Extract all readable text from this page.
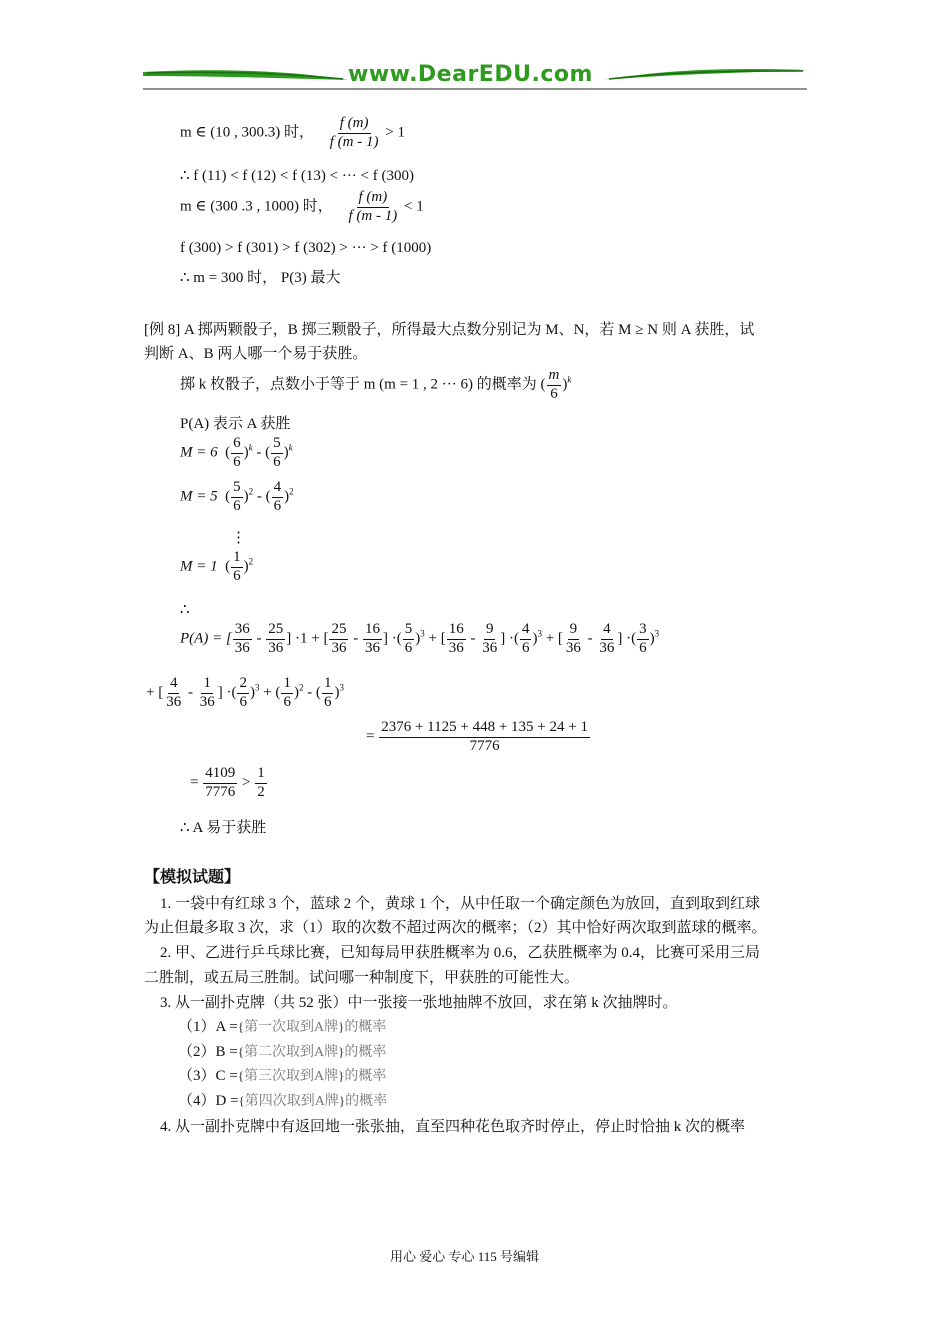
www.DearEDU.com
m ∈ (10 , 300.3) 时， $\frac{f (m)}{f (m - 1)} > 1$
∴ f (11) < f (12) < f (13) < ··· < f (300)
m ∈ (300 .3 , 1000) 时， $\frac{f (m)}{f (m - 1)} < 1$
f (300) > f (301) > f (302) > ··· > f (1000)
∴ m = 300 时， P(3) 最大
[例 8] A 掷两颗骰子，B 掷三颗骰子，所得最大点数分别记为 M、N，若 M ≥ N 则 A 获胜，试
判断 A、B 两人哪一个易于获胜。
掷 k 枚骰子，点数小于等于 m (m = 1 , 2 ··· 6) 的概率为 ( $\frac{m}{6} )^k$
P(A) 表示 A 获胜
M = 6  ( $\frac{6}{6} )^k$ - ( $\frac{5}{6} )^k$
M = 5  ( $\frac{5}{6} )^2$ - ( $\frac{4}{6} )^2$
⋮
M = 1  ( $\frac{1}{6} )^2$
∴
P(A) = [ $\frac{36}{36} - \frac{25}{36}$ ] ·1 + [ $\frac{25}{36} - \frac{16}{36}$ ] ·( $\frac{5}{6} )^3$ + [ $\frac{16}{36} - \frac{9}{36}$ ] ·( $\frac{4}{6} )^3$ + [ $\frac{9}{36} - \frac{4}{36}$ ] ·( $\frac{3}{6} )^3$
+ [ $\frac{4}{36} - \frac{1}{36}$ ] ·( $\frac{2}{6} )^3$ + ( $\frac{1}{6} )^2$ - ( $\frac{1}{6} )^3$
= $\frac{2376 + 1125 + 448 + 135 + 24 + 1}{7776}$
= $\frac{4109}{7776} > \frac{1}{2}$
∴ A 易于获胜
【模拟试题】
1. 一袋中有红球 3 个，蓝球 2 个，黄球 1 个，从中任取一个确定颜色为放回，直到取到红球
为止但最多取 3 次，求（1）取的次数不超过两次的概率；（2）其中恰好两次取到蓝球的概率。
2. 甲、乙进行乒乓球比赛，已知每局甲获胜概率为 0.6，乙获胜概率为 0.4，比赛可采用三局
二胜制，或五局三胜制。试问哪一种制度下，甲获胜的可能性大。
3. 从一副扑克牌（共 52 张）中一张接一张地抽牌不放回，求在第 k 次抽牌时。
（1）A ={第一次取到A牌}的概率
（2）B ={第二次取到A牌}的概率
（3）C ={第三次取到A牌}的概率
（4）D ={第四次取到A牌}的概率
4. 从一副扑克牌中有返回地一张张抽，直至四种花色取齐时停止，停止时恰抽 k 次的概率
用心 爱心 专心 115 号编辑
